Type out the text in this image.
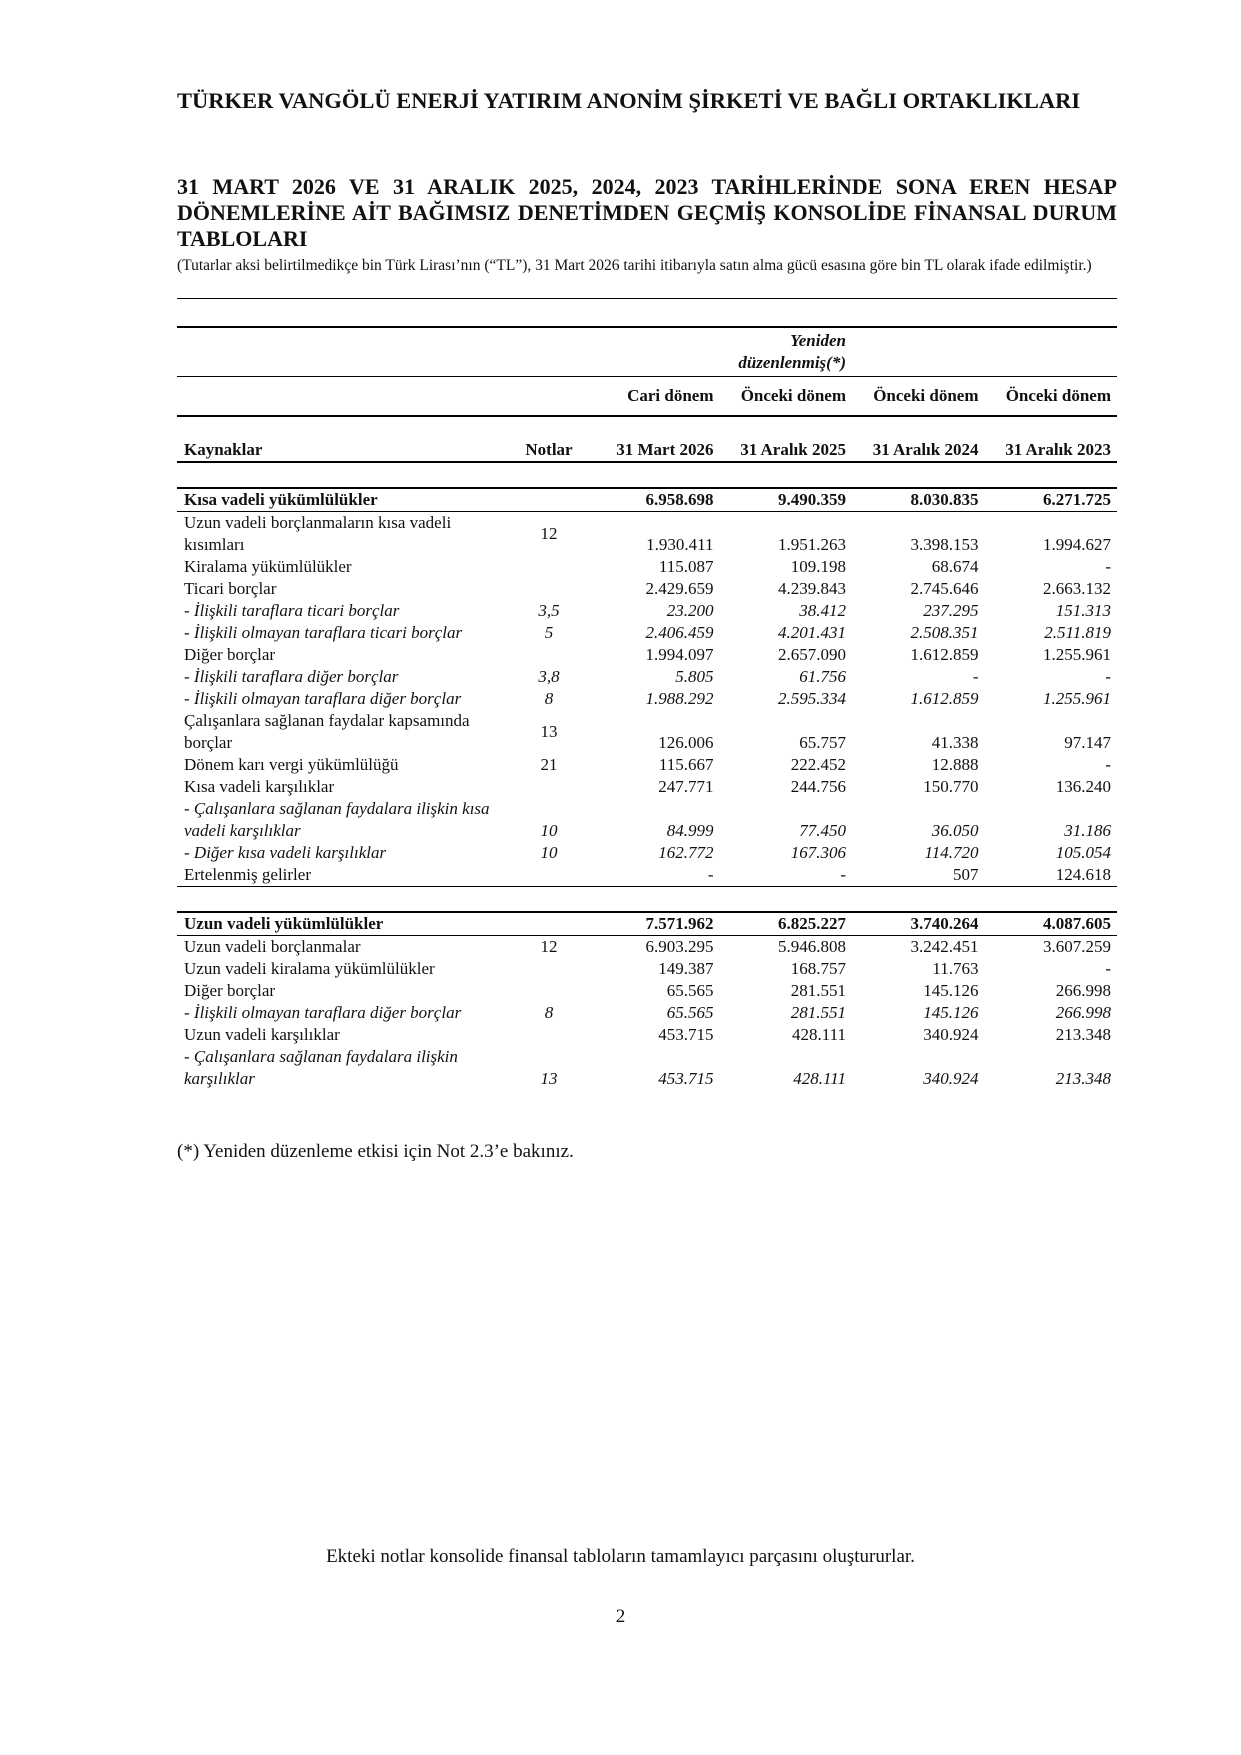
TÜRKER VANGÖLÜ ENERJİ YATIRIM ANONİM ŞİRKETİ VE BAĞLI ORTAKLIKLARI
31 MART 2026 VE 31 ARALIK 2025, 2024, 2023 TARİHLERİNDE SONA EREN HESAP DÖNEMLERİNE AİT BAĞIMSIZ DENETİMDEN GEÇMİŞ KONSOLİDE FİNANSAL DURUM TABLOLARI
(Tutarlar aksi belirtilmedikçe bin Türk Lirası’nın (“TL”), 31 Mart 2026 tarihi itibarıyla satın alma gücü esasına göre bin TL olarak ifade edilmiştir.)
			Yeniden düzenlenmiş(*)		
		Cari dönem	Önceki dönem	Önceki dönem	Önceki dönem
Kaynaklar	Notlar	31 Mart 2026	31 Aralık 2025	31 Aralık 2024	31 Aralık 2023

Kısa vadeli yükümlülükler		6.958.698	9.490.359	8.030.835	6.271.725
Uzun vadeli borçlanmaların kısa vadeli kısımları	12	1.930.411	1.951.263	3.398.153	1.994.627
Kiralama yükümlülükler		115.087	109.198	68.674	-
Ticari borçlar		2.429.659	4.239.843	2.745.646	2.663.132
- İlişkili taraflara ticari borçlar	3,5	23.200	38.412	237.295	151.313
- İlişkili olmayan taraflara ticari borçlar	5	2.406.459	4.201.431	2.508.351	2.511.819
Diğer borçlar		1.994.097	2.657.090	1.612.859	1.255.961
- İlişkili taraflara diğer borçlar	3,8	5.805	61.756	-	-
- İlişkili olmayan taraflara diğer borçlar	8	1.988.292	2.595.334	1.612.859	1.255.961
Çalışanlara sağlanan faydalar kapsamında borçlar	13	126.006	65.757	41.338	97.147
Dönem karı vergi yükümlülüğü	21	115.667	222.452	12.888	-
Kısa vadeli karşılıklar		247.771	244.756	150.770	136.240
- Çalışanlara sağlanan faydalara ilişkin kısa vadeli karşılıklar	10	84.999	77.450	36.050	31.186
- Diğer kısa vadeli karşılıklar	10	162.772	167.306	114.720	105.054
Ertelenmiş gelirler		-	-	507	124.618

Uzun vadeli yükümlülükler		7.571.962	6.825.227	3.740.264	4.087.605
Uzun vadeli borçlanmalar	12	6.903.295	5.946.808	3.242.451	3.607.259
Uzun vadeli kiralama yükümlülükler		149.387	168.757	11.763	-
Diğer borçlar		65.565	281.551	145.126	266.998
- İlişkili olmayan taraflara diğer borçlar	8	65.565	281.551	145.126	266.998
Uzun vadeli karşılıklar		453.715	428.111	340.924	213.348
- Çalışanlara sağlanan faydalara ilişkin karşılıklar	13	453.715	428.111	340.924	213.348
(*) Yeniden düzenleme etkisi için Not 2.3’e bakınız.
Ekteki notlar konsolide finansal tabloların tamamlayıcı parçasını oluştururlar.
2
